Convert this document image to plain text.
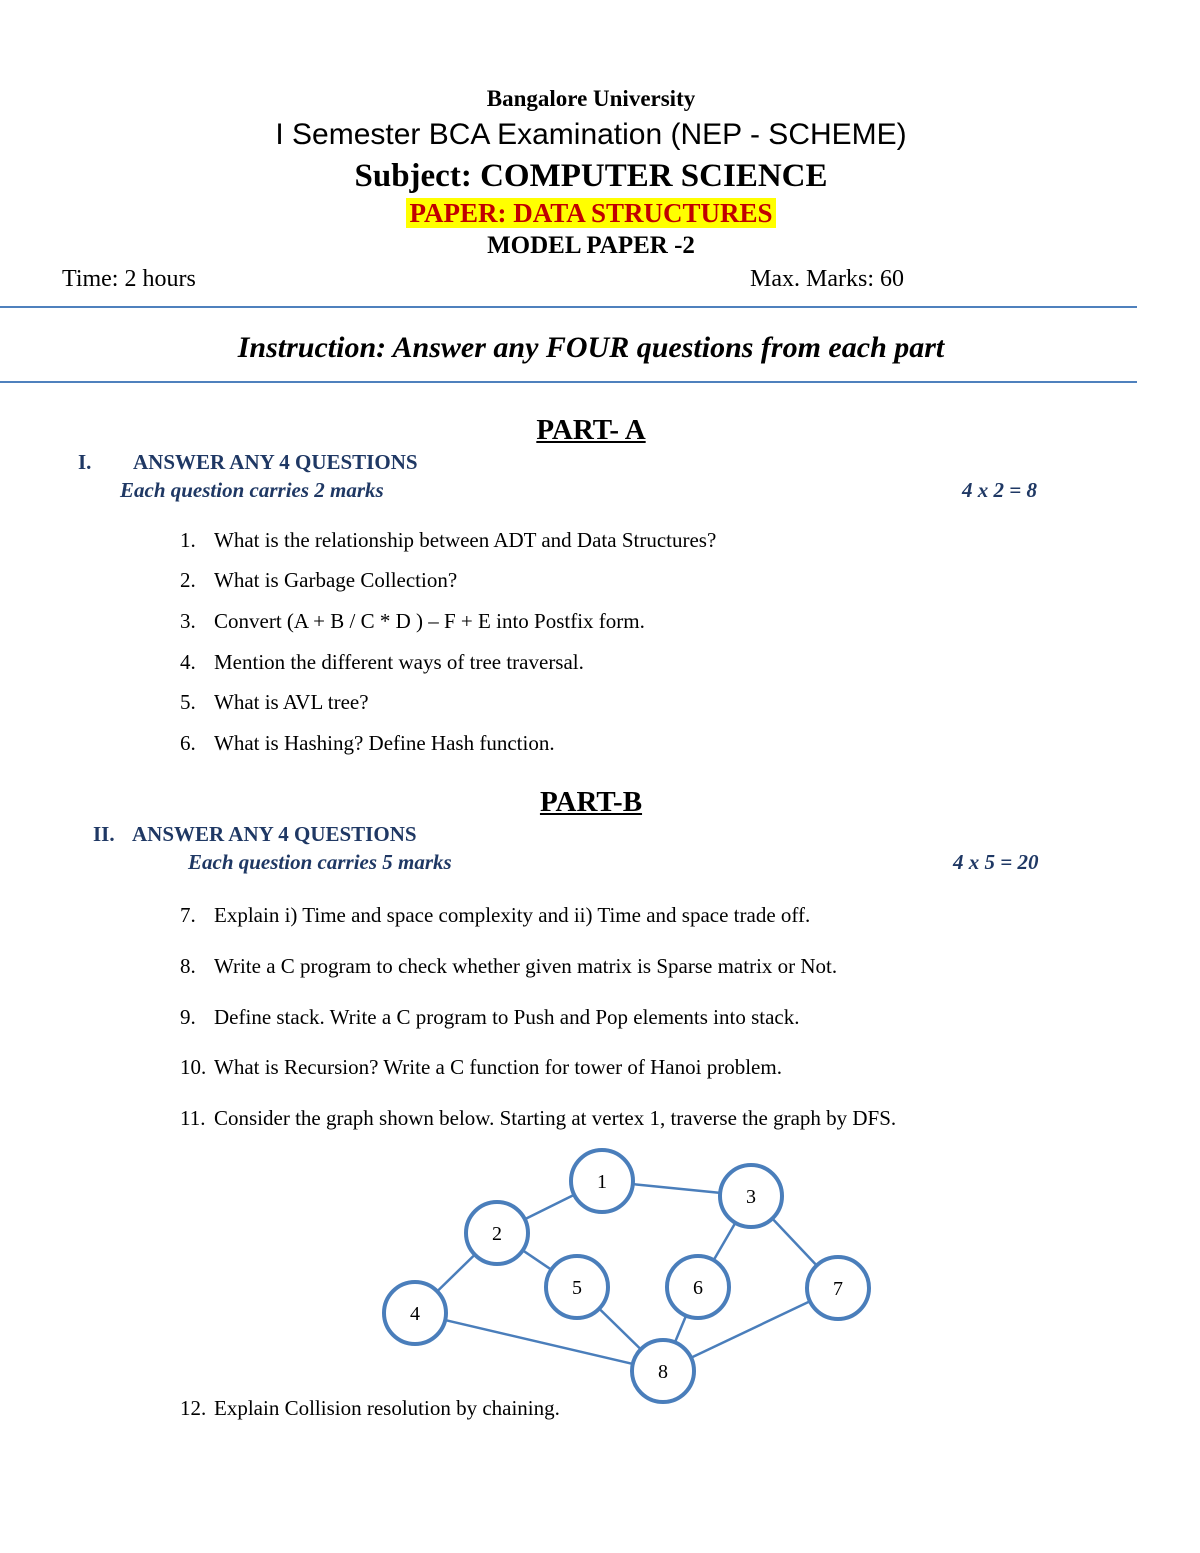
Bangalore University
I Semester BCA Examination (NEP - SCHEME)
Subject: COMPUTER SCIENCE
PAPER: DATA STRUCTURES
MODEL PAPER -2
Time: 2 hours	Max. Marks: 60
Instruction: Answer any FOUR questions from each part
PART- A
I. ANSWER ANY 4 QUESTIONS
Each question carries 2 marks	4 x 2 = 8
1. What is the relationship between ADT and Data Structures?
2. What is Garbage Collection?
3. Convert (A + B / C * D ) – F + E into Postfix form.
4. Mention the different ways of tree traversal.
5. What is AVL tree?
6. What is Hashing? Define Hash function.
PART-B
II. ANSWER ANY 4 QUESTIONS
Each question carries 5 marks	4 x 5 = 20
7. Explain i) Time and space complexity and ii) Time and space trade off.
8. Write a C program to check whether given matrix is Sparse matrix or Not.
9. Define stack. Write a C program to Push and Pop elements into stack.
10. What is Recursion? Write a C function for tower of Hanoi problem.
11. Consider the graph shown below. Starting at vertex 1, traverse the graph by DFS.
12. Explain Collision resolution by chaining.
1
2
3
4
5	6	7
8
